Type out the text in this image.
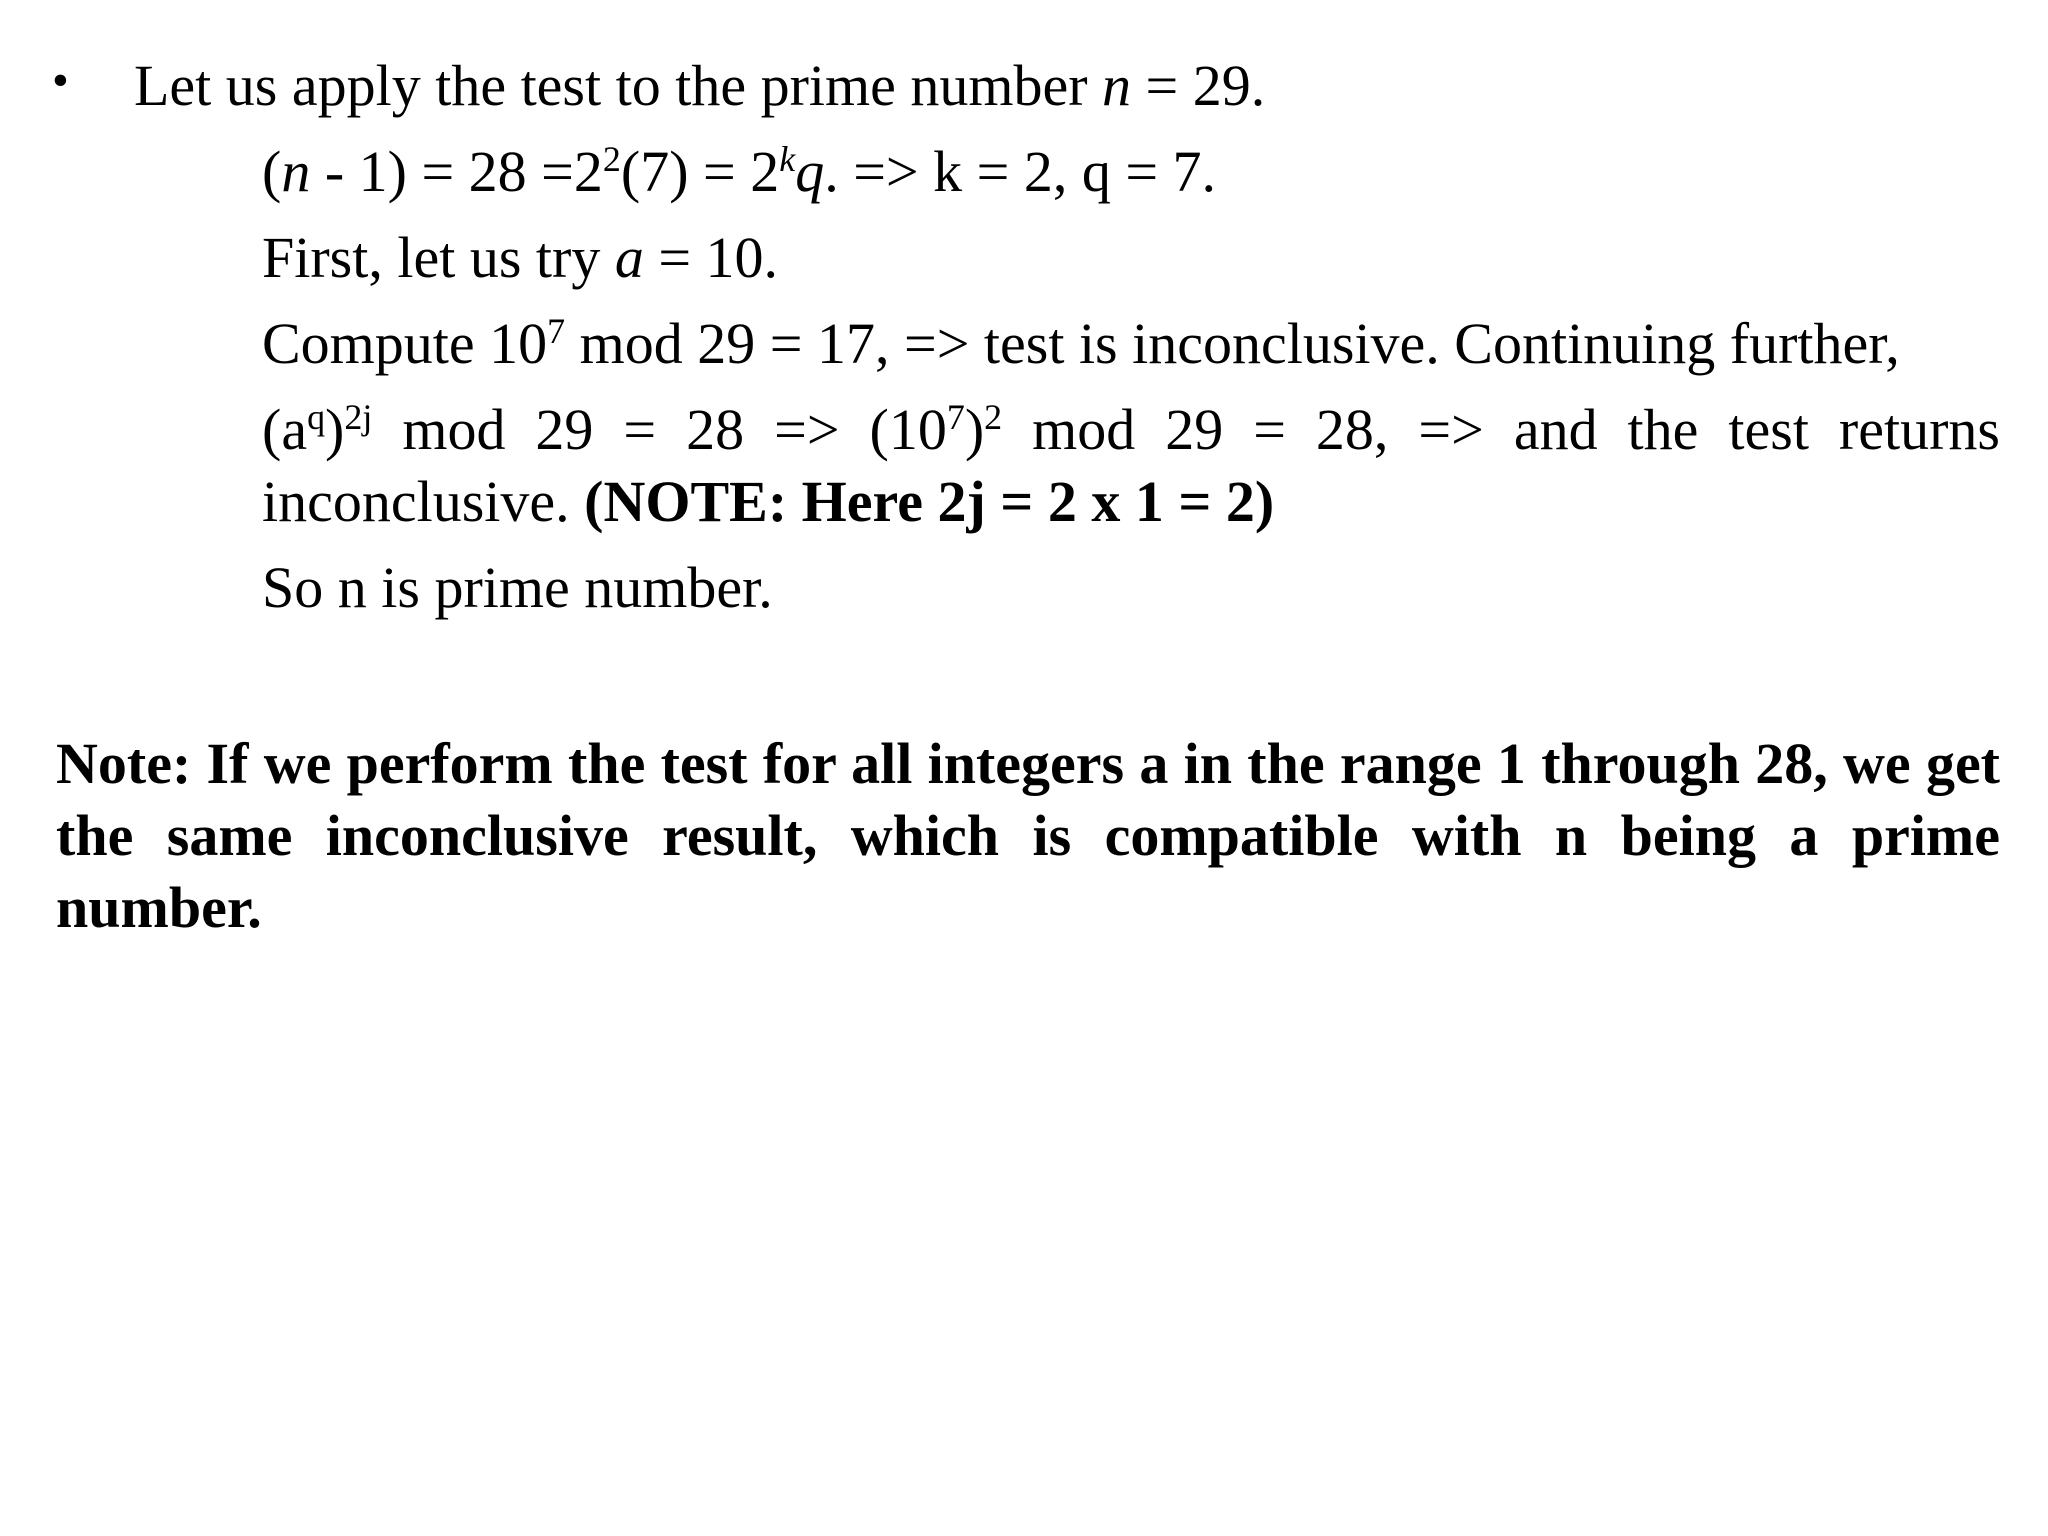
• Let us apply the test to the prime number n = 29.
$(n - 1) = 28 =2^2(7) = 2^kq$. => k = 2, q = 7.
First, let us try a = 10.
Compute $10^7$ mod 29 = 17, => test is inconclusive. Continuing further,
$(a^q)^{2j}$ mod $29 = 28 => (10^7)^2$ mod 29 = 28, => and the test returns inconclusive. (NOTE: Here 2j = 2 x 1 = 2)
So n is prime number.
Note: If we perform the test for all integers a in the range 1 through 28, we get the same inconclusive result, which is compatible with n being a prime number.
